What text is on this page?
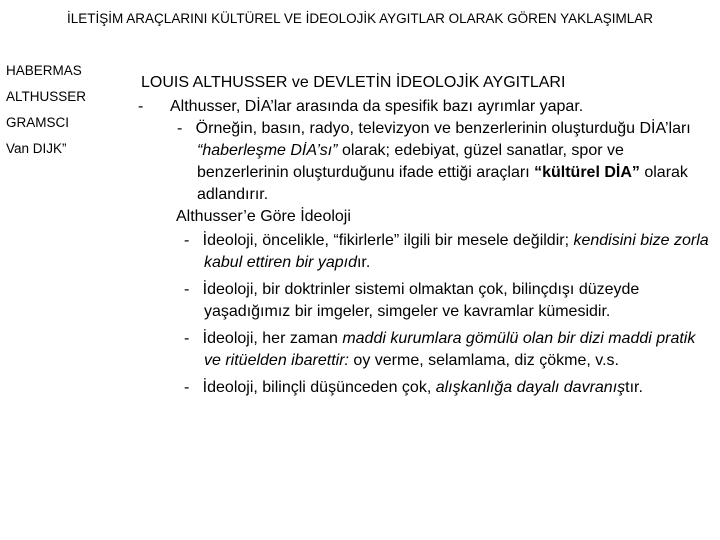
İLETİŞİM ARAÇLARINI KÜLTÜREL VE İDEOLOJİK AYGITLAR OLARAK GÖREN YAKLAŞIMLAR
HABERMAS
ALTHUSSER
GRAMSCI
Van DIJK”
LOUIS ALTHUSSER ve DEVLETİN İDEOLOJİK AYGITLARI
- Althusser, DİA’lar arasında da spesifik bazı ayrımlar yapar.
- Örneğin, basın, radyo, televizyon ve benzerlerinin oluşturduğu DİA’ları “haberleşme DİA’sı” olarak; edebiyat, güzel sanatlar, spor ve benzerlerinin oluşturduğunu ifade ettiği araçları “kültürel DİA” olarak adlandırır.
Althusser’e Göre İdeoloji
- İdeoloji, öncelikle, “fikirlerle” ilgili bir mesele değildir; kendisini bize zorla kabul ettiren bir yapıdır.
- İdeoloji, bir doktrinler sistemi olmaktan çok, bilinçdışı düzeyde yaşadığımız bir imgeler, simgeler ve kavramlar kümesidir.
- İdeoloji, her zaman maddi kurumlara gömülü olan bir dizi maddi pratik ve ritüelden ibarettir: oy verme, selamlama, diz çökme, v.s.
- İdeoloji, bilinçli düşünceden çok, alışkanlığa dayalı davranıştır.
